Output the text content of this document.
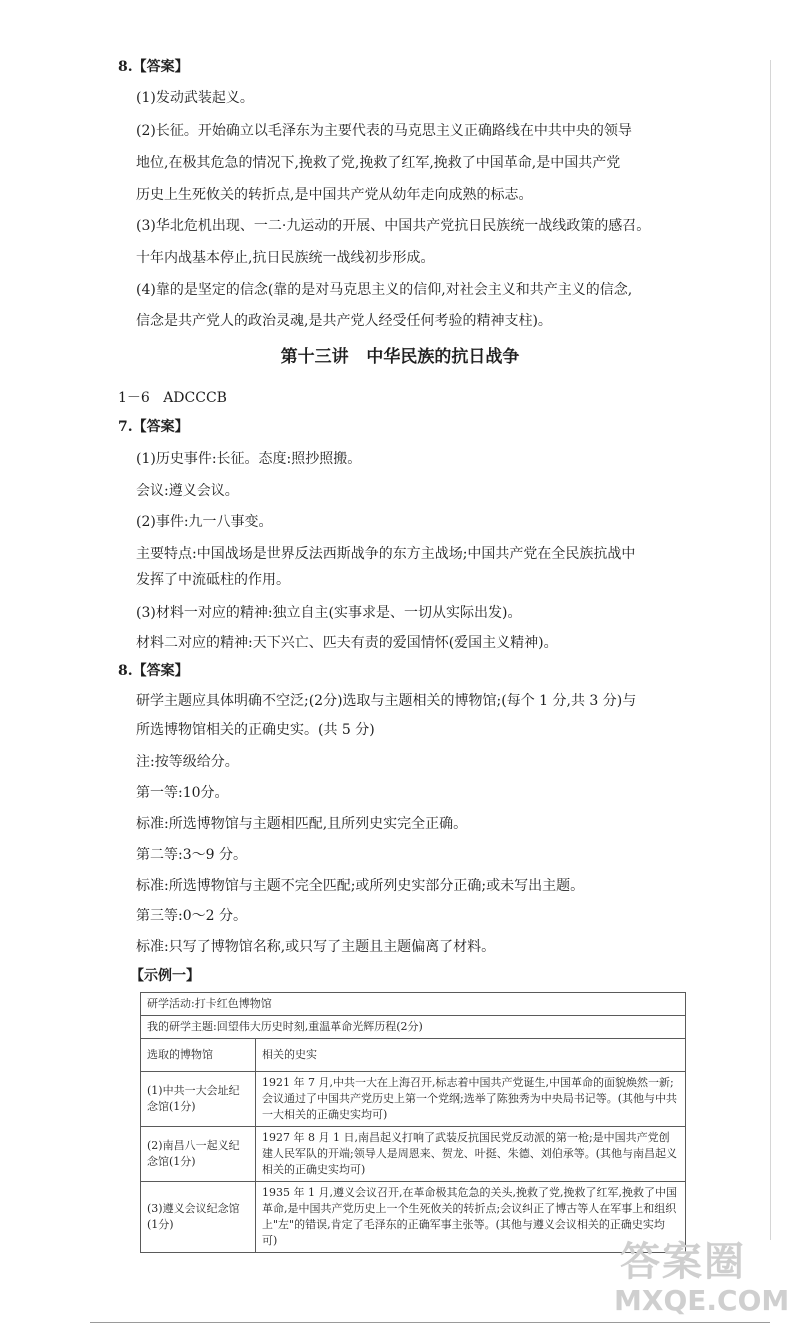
8.【答案】
(1)发动武装起义。
(2)长征。开始确立以毛泽东为主要代表的马克思主义正确路线在中共中央的领导
地位,在极其危急的情况下,挽救了党,挽救了红军,挽救了中国革命,是中国共产党
历史上生死攸关的转折点,是中国共产党从幼年走向成熟的标志。
(3)华北危机出现、一二·九运动的开展、中国共产党抗日民族统一战线政策的感召。
十年内战基本停止,抗日民族统一战线初步形成。
(4)靠的是坚定的信念(靠的是对马克思主义的信仰,对社会主义和共产主义的信念,
信念是共产党人的政治灵魂,是共产党人经受任何考验的精神支柱)。
第十三讲   中华民族的抗日战争
1－6 ADCCCB
7.【答案】
(1)历史事件:长征。态度:照抄照搬。
会议:遵义会议。
(2)事件:九一八事变。
主要特点:中国战场是世界反法西斯战争的东方主战场;中国共产党在全民族抗战中
发挥了中流砥柱的作用。
(3)材料一对应的精神:独立自主(实事求是、一切从实际出发)。
材料二对应的精神:天下兴亡、匹夫有责的爱国情怀(爱国主义精神)。
8.【答案】
研学主题应具体明确不空泛;(2分)选取与主题相关的博物馆;(每个 1 分,共 3 分)与
所选博物馆相关的正确史实。(共 5 分)
注:按等级给分。
第一等:10分。
标准:所选博物馆与主题相匹配,且所列史实完全正确。
第二等:3～9 分。
标准:所选博物馆与主题不完全匹配;或所列史实部分正确;或未写出主题。
第三等:0～2 分。
标准:只写了博物馆名称,或只写了主题且主题偏离了材料。
【示例一】
研学活动:打卡红色博物馆	
我的研学主题:回望伟大历史时刻,重温革命光辉历程(2分)	
选取的博物馆	相关的史实
(1)中共一大会址纪念馆(1分)	1921 年 7 月,中共一大在上海召开,标志着中国共产党诞生,中国革命的面貌焕然一新;会议通过了中国共产党历史上第一个党纲;选举了陈独秀为中央局书记等。(其他与中共一大相关的正确史实均可)
(2)南昌八一起义纪念馆(1分)	1927 年 8 月 1 日,南昌起义打响了武装反抗国民党反动派的第一枪;是中国共产党创建人民军队的开端;领导人是周恩来、贺龙、叶挺、朱德、刘伯承等。(其他与南昌起义相关的正确史实均可)
(3)遵义会议纪念馆(1分)	1935 年 1 月,遵义会议召开,在革命极其危急的关头,挽救了党,挽救了红军,挽救了中国革命,是中国共产党历史上一个生死攸关的转折点;会议纠正了博古等人在军事上和组织上"左"的错误,肯定了毛泽东的正确军事主张等。(其他与遵义会议相关的正确史实均可)	答案圈
MXQE.COM
